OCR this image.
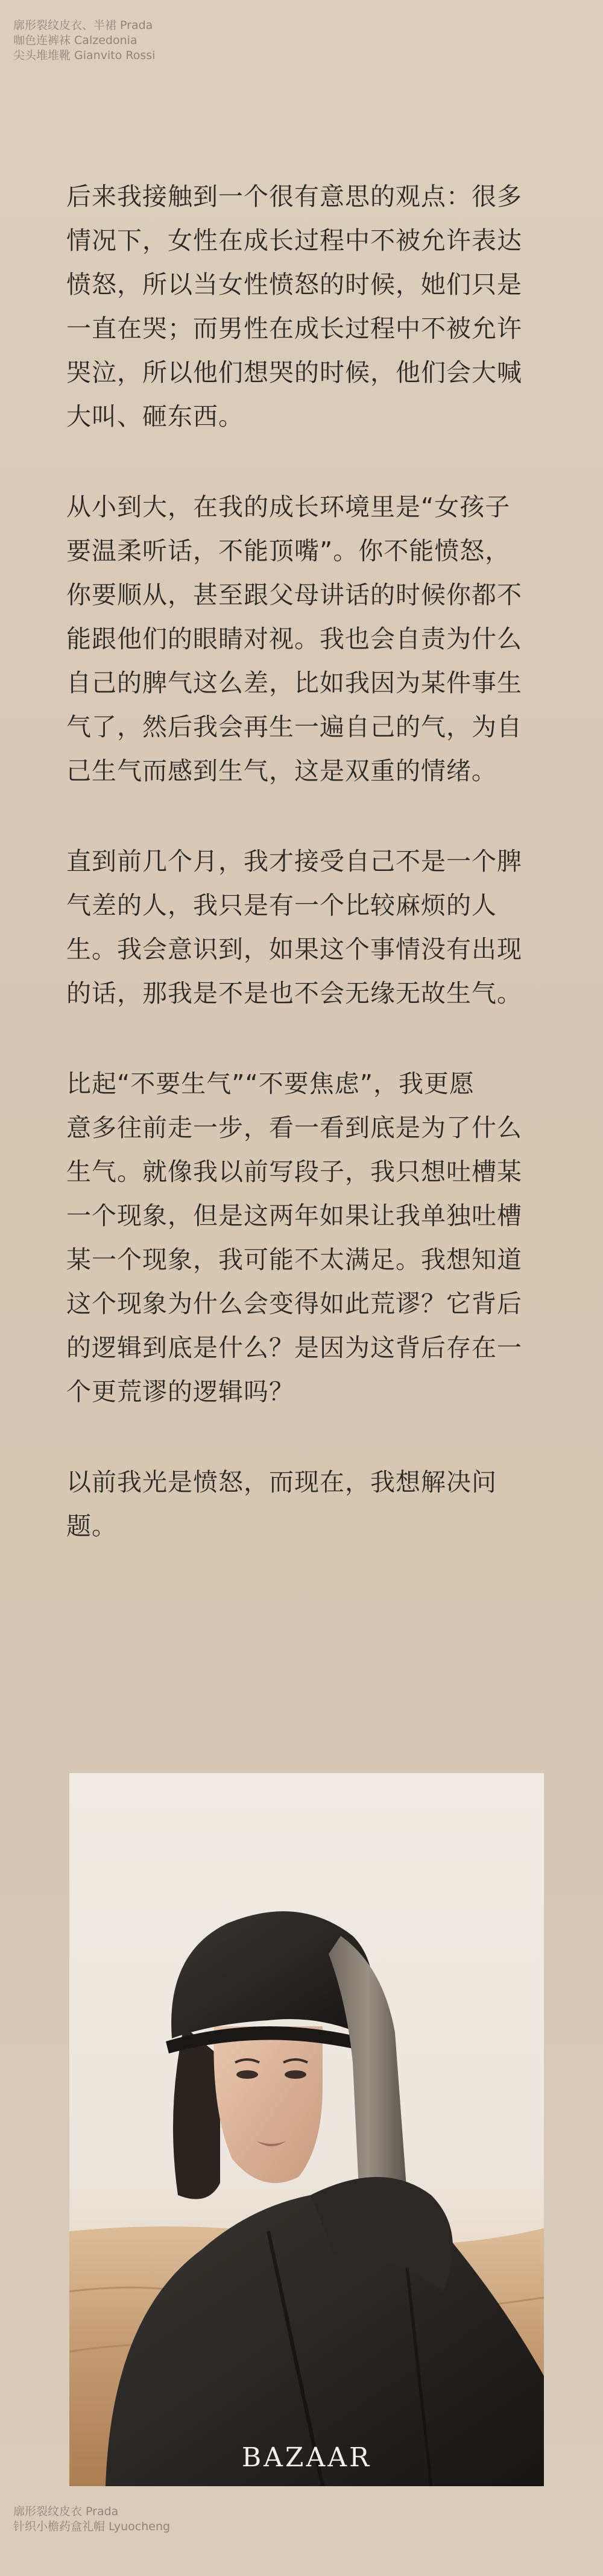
廓形裂纹皮衣、半裙 Prada
咖色连裤袜 Calzedonia
尖头堆堆靴 Gianvito Rossi

后来我接触到一个很有意思的观点：很多
情况下，女性在成长过程中不被允许表达
愤怒，所以当女性愤怒的时候，她们只是
一直在哭；而男性在成长过程中不被允许
哭泣，所以他们想哭的时候，他们会大喊
大叫、砸东西。

从小到大，在我的成长环境里是“女孩子
要温柔听话，不能顶嘴”。你不能愤怒，
你要顺从，甚至跟父母讲话的时候你都不
能跟他们的眼睛对视。我也会自责为什么
自己的脾气这么差，比如我因为某件事生
气了，然后我会再生一遍自己的气，为自
己生气而感到生气，这是双重的情绪。

直到前几个月，我才接受自己不是一个脾
气差的人，我只是有一个比较麻烦的人
生。我会意识到，如果这个事情没有出现
的话，那我是不是也不会无缘无故生气。

比起“不要生气”“不要焦虑”，我更愿
意多往前走一步，看一看到底是为了什么
生气。就像我以前写段子，我只想吐槽某
一个现象，但是这两年如果让我单独吐槽
某一个现象，我可能不太满足。我想知道
这个现象为什么会变得如此荒谬？它背后
的逻辑到底是什么？是因为这背后存在一
个更荒谬的逻辑吗？

以前我光是愤怒，而现在，我想解决问
题。

BAZAAR
廓形裂纹皮衣 Prada
针织小檐药盒礼帽 Lyuocheng
